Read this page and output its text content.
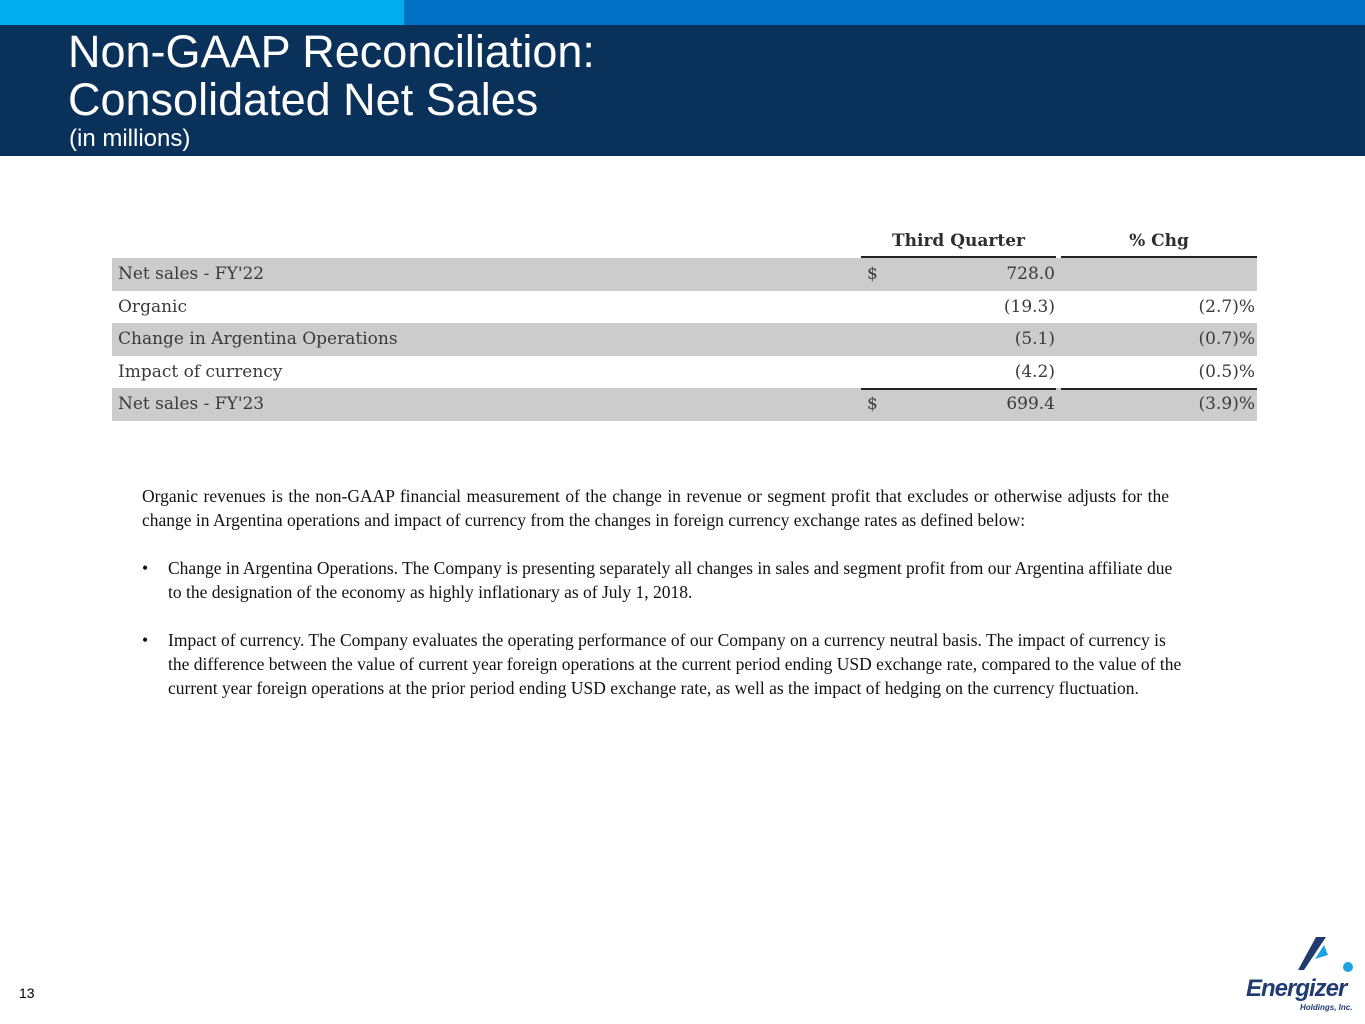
Non-GAAP Reconciliation:
Consolidated Net Sales
(in millions)
Third Quarter	% Chg
Net sales - FY'22	$	728.0
Organic	(19.3)	(2.7)%
Change in Argentina Operations	(5.1)	(0.7)%
Impact of currency	(4.2)	(0.5)%
Net sales - FY'23	$	699.4	(3.9)%

Organic revenues is the non-GAAP financial measurement of the change in revenue or segment profit that excludes or otherwise adjusts for the change in Argentina operations and impact of currency from the changes in foreign currency exchange rates as defined below:

• Change in Argentina Operations. The Company is presenting separately all changes in sales and segment profit from our Argentina affiliate due to the designation of the economy as highly inflationary as of July 1, 2018.
• Impact of currency. The Company evaluates the operating performance of our Company on a currency neutral basis. The impact of currency is the difference between the value of current year foreign operations at the current period ending USD exchange rate, compared to the value of the current year foreign operations at the prior period ending USD exchange rate, as well as the impact of hedging on the currency fluctuation.
13	Energizer
Holdings, Inc.
